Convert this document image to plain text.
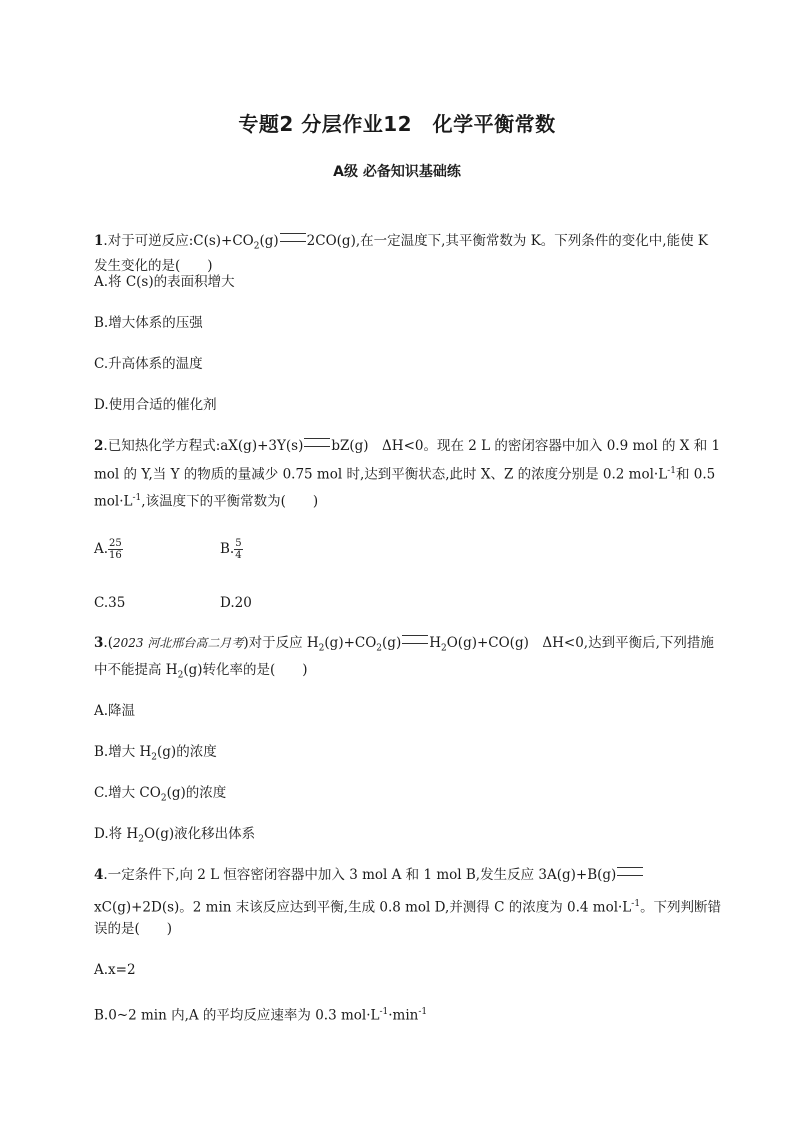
专题2 分层作业12　化学平衡常数
A级 必备知识基础练
1.对于可逆反应$:C(s)+CO_2(g)$ 2CO(g),在一定温度下,其平衡常数为 K。下列条件的变化中,能使 K
发生变化的是(　　)
A.将 C(s)的表面积增大
B.增大体系的压强
C.升高体系的温度
D.使用合适的催化剂
2.已知热化学方程式:aX(g)+3Y(s) bZ(g)　ΔH<0。现在 2 L 的密闭容器中加入 0.9 mol 的 X 和 1
mol 的 Y,当 Y 的物质的量减少 0.75 mol 时,达到平衡状态,此时 X、Z 的浓度分别是 0.2 $mol\cdot L^{-1}$和 0.5
$mol\cdot L^{-1}$,该温度下的平衡常数为(　　)
A. $\frac{25}{16}$	B. $\frac{5}{4}$
C.35	D.20
3.(2023 河北邢台高二月考)对于反应 $H_2(g)+CO_2(g)$ $H_2O(g)+CO(g)$　ΔH<0,达到平衡后,下列措施
中不能提高 $H_2(g)$转化率的是(　　)
A.降温
B.增大 $H_2(g)$的浓度
C.增大 $CO_2(g)$的浓度
D.将 $H_2O(g)$液化移出体系
4.一定条件下,向 2 L 恒容密闭容器中加入 3 mol A 和 1 mol B,发生反应 3A(g)+B(g)
xC(g)+2D(s)。2 min 末该反应达到平衡,生成 0.8 mol D,并测得 C 的浓度为 0.4 $mol\cdot L^{-1}$。下列判断错
误的是(　　)
A.x=2
B.0~2 min 内,A 的平均反应速率为 0.3 $mol\cdot L^{-1}\cdot\min^{-1}$
